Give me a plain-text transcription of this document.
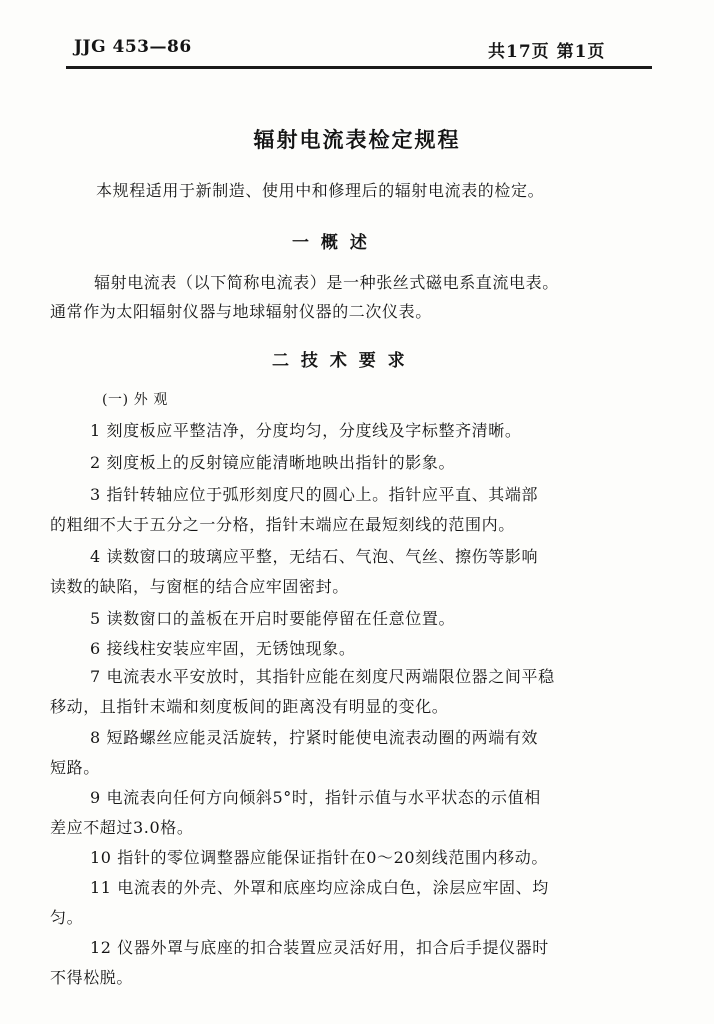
JJG 453—86	共17页 第1页
辐射电流表检定规程
本规程适用于新制造、使用中和修理后的辐射电流表的检定。
一 概 述
辐射电流表（以下简称电流表）是一种张丝式磁电系直流电表。
通常作为太阳辐射仪器与地球辐射仪器的二次仪表。
二 技 术 要 求
(一) 外 观
1 刻度板应平整洁净，分度均匀，分度线及字标整齐清晰。
2 刻度板上的反射镜应能清晰地映出指针的影象。
3 指针转轴应位于弧形刻度尺的圆心上。指针应平直、其端部
的粗细不大于五分之一分格，指针末端应在最短刻线的范围内。
4 读数窗口的玻璃应平整，无结石、气泡、气丝、擦伤等影响
读数的缺陷，与窗框的结合应牢固密封。
5 读数窗口的盖板在开启时要能停留在任意位置。
6 接线柱安装应牢固，无锈蚀现象。
7 电流表水平安放时，其指针应能在刻度尺两端限位器之间平稳
移动，且指针末端和刻度板间的距离没有明显的变化。
8 短路螺丝应能灵活旋转，拧紧时能使电流表动圈的两端有效
短路。
9 电流表向任何方向倾斜5°时，指针示值与水平状态的示值相
差应不超过3.0格。
10 指针的零位调整器应能保证指针在0～20刻线范围内移动。
11 电流表的外壳、外罩和底座均应涂成白色，涂层应牢固、均
匀。
12 仪器外罩与底座的扣合装置应灵活好用，扣合后手提仪器时
不得松脱。
